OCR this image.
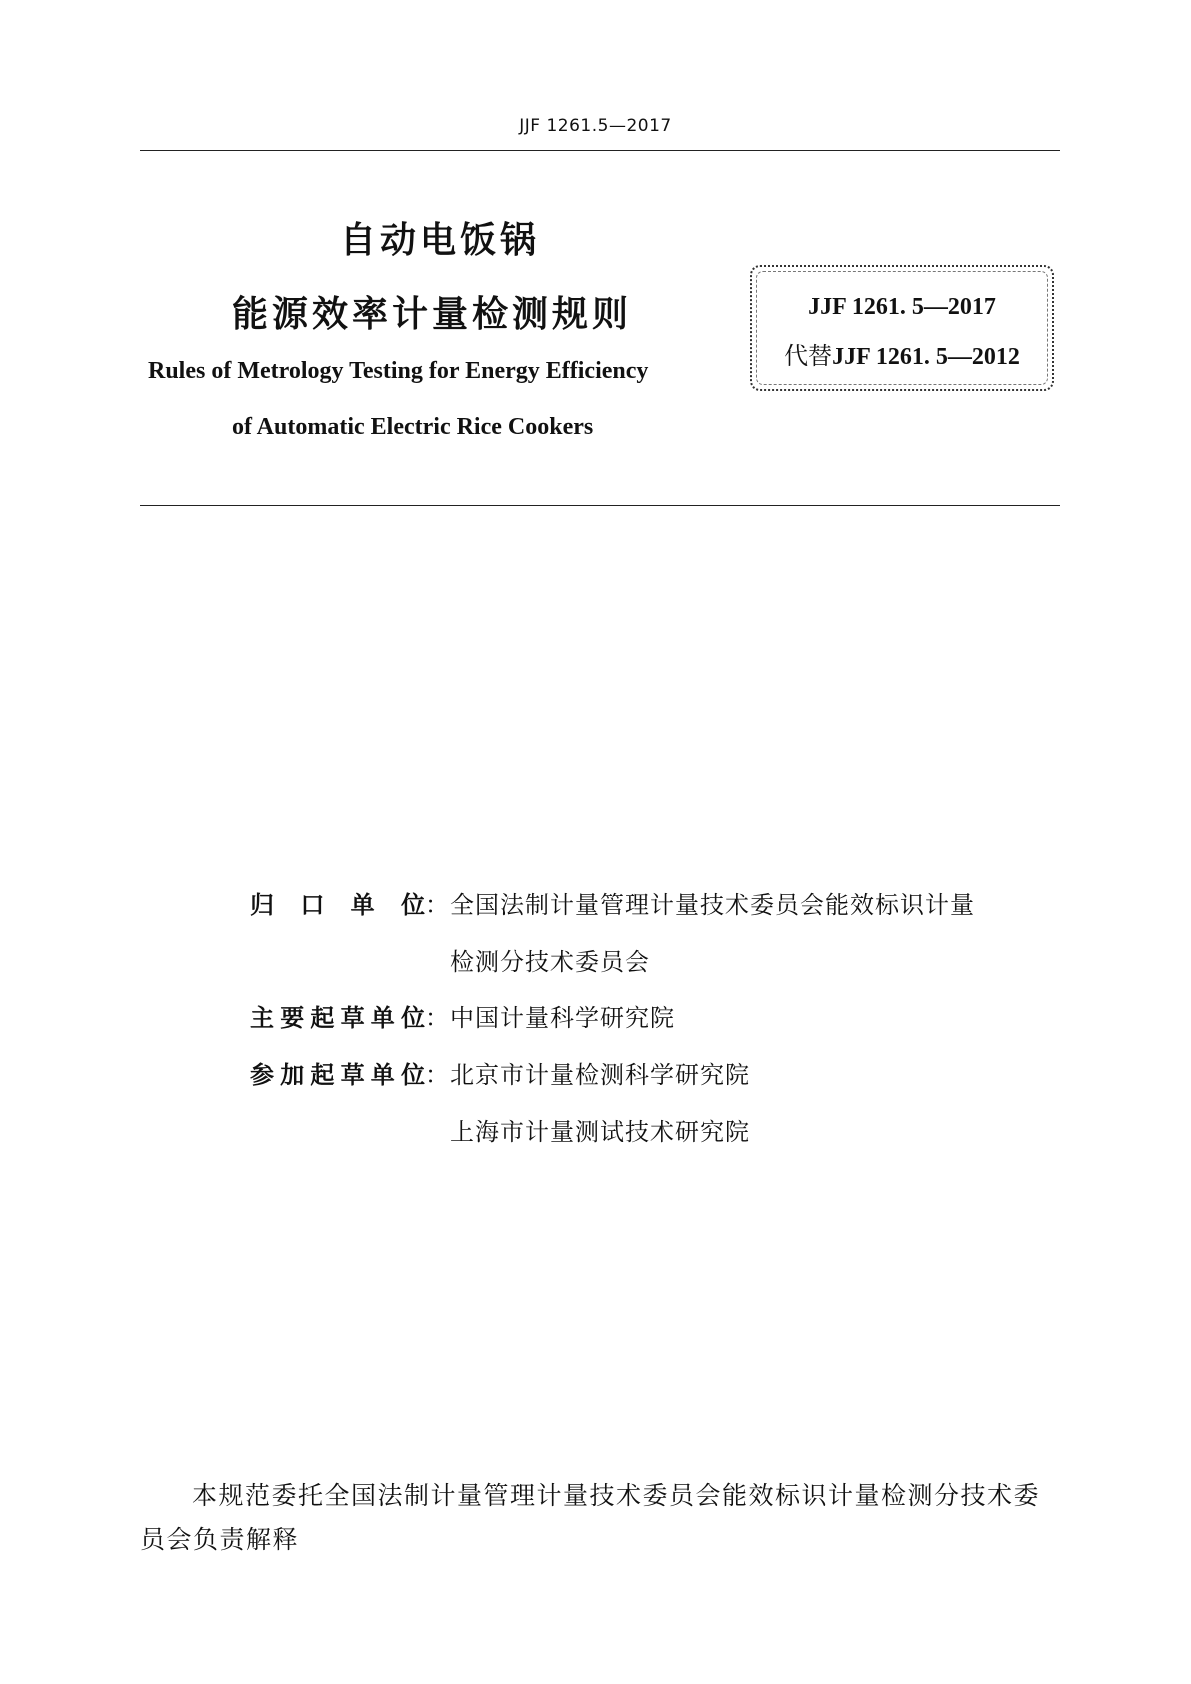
JJF 1261.5—2017
自动电饭锅
能源效率计量检测规则
Rules of Metrology Testing for Energy Efficiency
of Automatic Electric Rice Cookers
JJF 1261. 5—2017
代替JJF 1261. 5—2012
归口单位 ： 全国法制计量管理计量技术委员会能效标识计量
检测分技术委员会
主要起草单位 ： 中国计量科学研究院
参加起草单位 ： 北京市计量检测科学研究院
上海市计量测试技术研究院
本规范委托全国法制计量管理计量技术委员会能效标识计量检测分技术委员会负责解释
